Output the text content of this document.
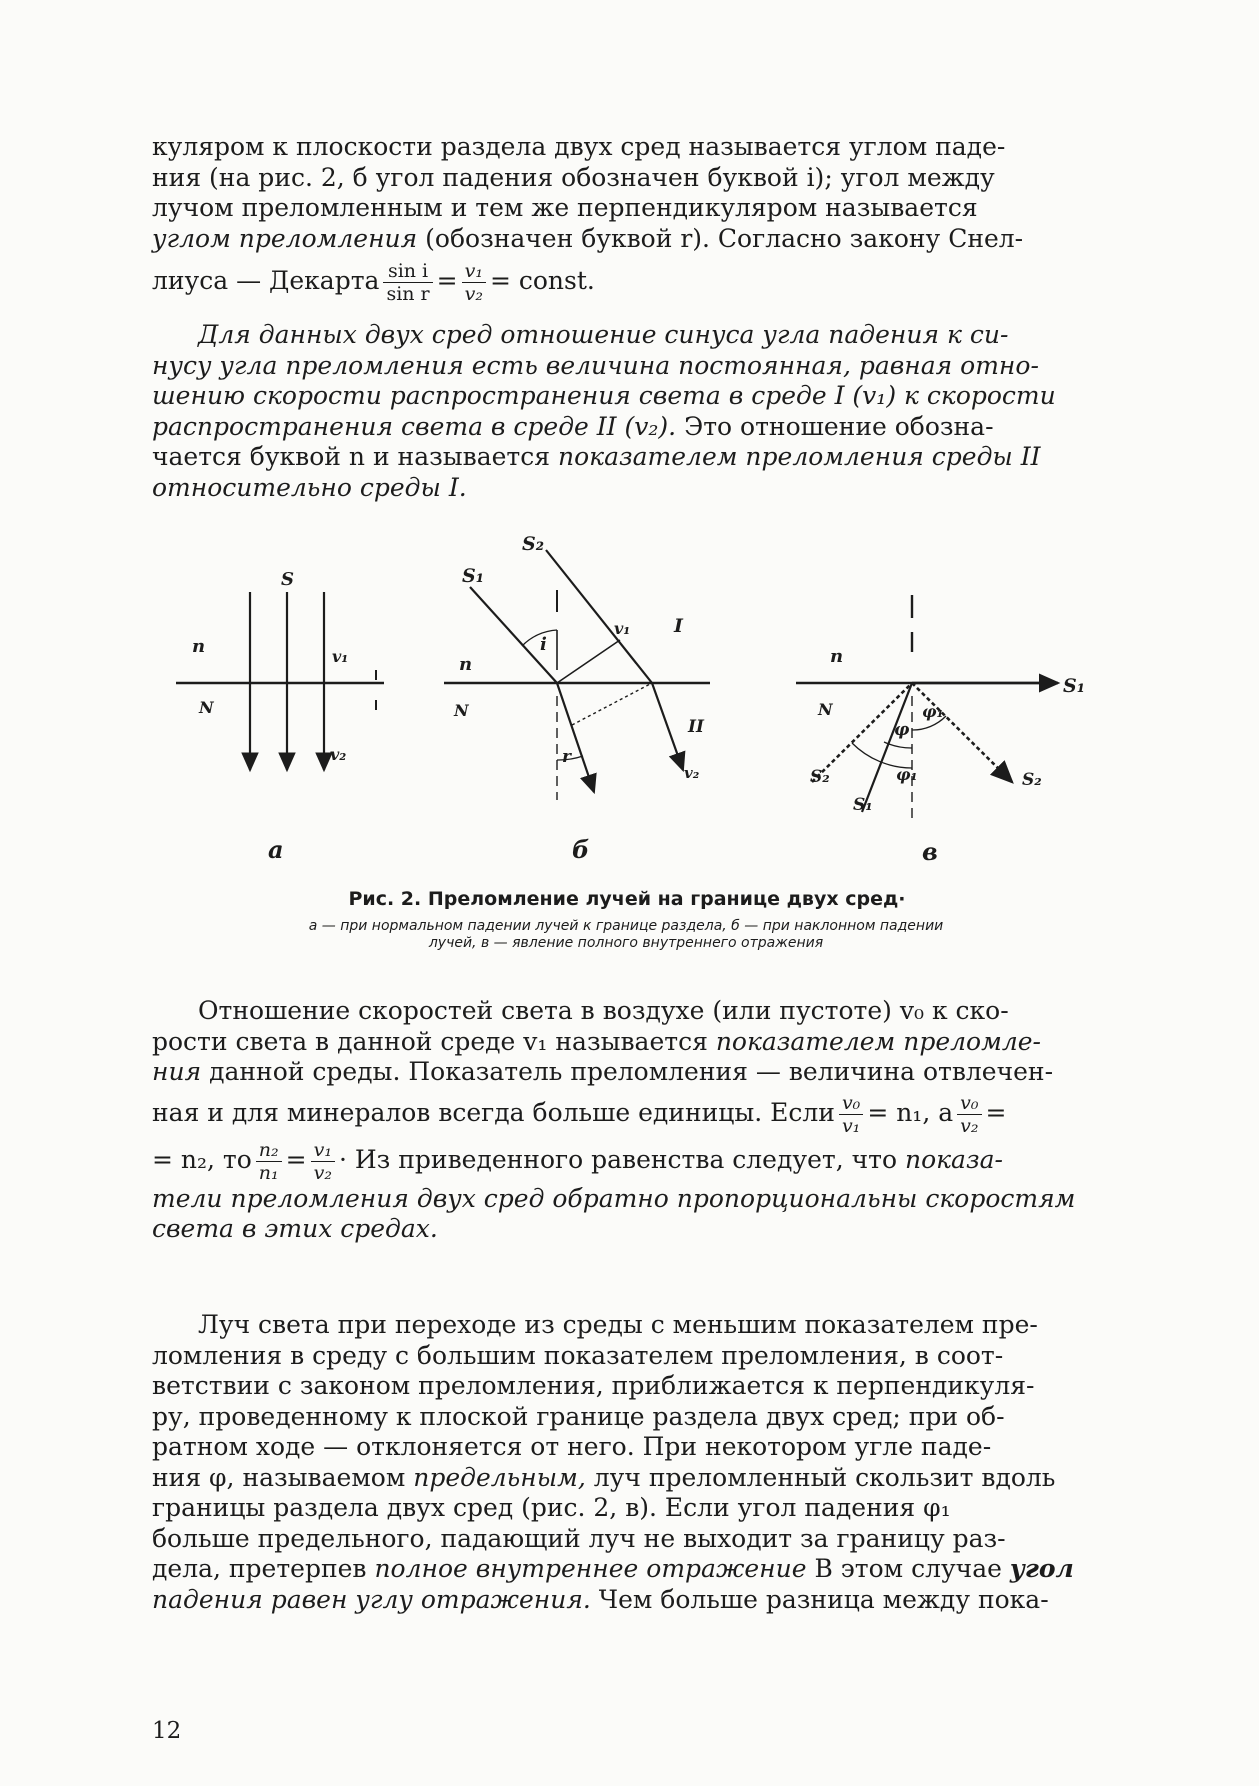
куляром к плоскости раздела двух сред называется углом паде-
ния (на рис. 2, б угол падения обозначен буквой i); угол между
лучом преломленным и тем же перпендикуляром называется
углом преломления (обозначен буквой r). Согласно закону Снел-
лиуса — Декарта $\frac{\text{sin i}}{\text{sin r}} = \frac{\text{v₁}}{\text{v₂}}$ = const.
Для данных двух сред отношение синуса угла падения к си-
нусу угла преломления есть величина постоянная, равная отно-
шению скорости распространения света в среде I (v₁) к скорости
распространения света в среде II (v₂). Это отношение обозна-
чается буквой n и называется показателем преломления среды II
относительно среды I.
S
n
N
v₁
v₂
S₂
S₁
i
v₁ I
n
N
r
II
v₂
n
N
S₁
φ
φ₁
φ₁
S₂
S₁
S₂
а	б	в

Рис. 2. Преломление лучей на границе двух сред·

а — при нормальном падении лучей к границе раздела, б — при наклонном падении
лучей, в — явление полного внутреннего отражения

Отношение скоростей света в воздухе (или пустоте) v₀ к ско-
рости света в данной среде v₁ называется показателем преломле-
ния данной среды. Показатель преломления — величина отвлечен-
ная и для минералов всегда больше единицы. Если $\frac{\text{v₀}}{\text{v₁}} = n_1$, а $\frac{\text{v₀}}{\text{v₂}}$ =
= n₂, то $\frac{\text{n₂}}{\text{n₁}} = \frac{\text{v₁}}{\text{v₂}}$ · Из приведенного равенства следует, что показа-
тели преломления двух сред обратно пропорциональны скоростям
света в этих средах.
Луч света при переходе из среды с меньшим показателем пре-
ломления в среду с большим показателем преломления, в соот-
ветствии с законом преломления, приближается к перпендикуля-
ру, проведенному к плоской границе раздела двух сред; при об-
ратном ходе — отклоняется от него. При некотором угле паде-
ния φ, называемом предельным, луч преломленный скользит вдоль
границы раздела двух сред (рис. 2, в). Если угол падения φ₁
больше предельного, падающий луч не выходит за границу раз-
дела, претерпев полное внутреннее отражение В этом случае угол
падения равен углу отражения. Чем больше разница между пока-

12
